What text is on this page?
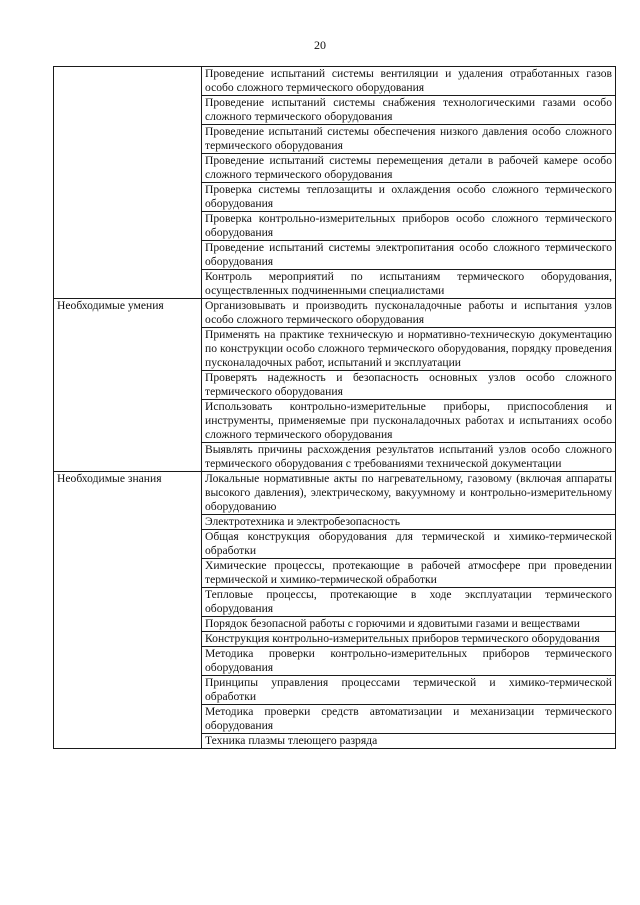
20
	Проведение испытаний системы вентиляции и удаления отработанных газов особо сложного термического оборудования
	Проведение испытаний системы снабжения технологическими газами особо сложного термического оборудования
	Проведение испытаний системы обеспечения низкого давления особо сложного термического оборудования
	Проведение испытаний системы перемещения детали в рабочей камере особо сложного термического оборудования
	Проверка системы теплозащиты и охлаждения особо сложного термического оборудования
	Проверка контрольно-измерительных приборов особо сложного термического оборудования
	Проведение испытаний системы электропитания особо сложного термического оборудования
	Контроль мероприятий по испытаниям термического оборудования, осуществленных подчиненными специалистами
Необходимые умения	Организовывать и производить пусконаладочные работы и испытания узлов особо сложного термического оборудования
	Применять на практике техническую и нормативно-техническую документацию по конструкции особо сложного термического оборудования, порядку проведения пусконаладочных работ, испытаний и эксплуатации
	Проверять надежность и безопасность основных узлов особо сложного термического оборудования
	Использовать контрольно-измерительные приборы, приспособления и инструменты, применяемые при пусконаладочных работах и испытаниях особо сложного термического оборудования
	Выявлять причины расхождения результатов испытаний узлов особо сложного термического оборудования с требованиями технической документации
Необходимые знания	Локальные нормативные акты по нагревательному, газовому (включая аппараты высокого давления), электрическому, вакуумному и контрольно-измерительному оборудованию
	Электротехника и электробезопасность
	Общая конструкция оборудования для термической и химико-термической обработки
	Химические процессы, протекающие в рабочей атмосфере при проведении термической и химико-термической обработки
	Тепловые процессы, протекающие в ходе эксплуатации термического оборудования
	Порядок безопасной работы с горючими и ядовитыми газами и веществами
	Конструкция контрольно-измерительных приборов термического оборудования
	Методика проверки контрольно-измерительных приборов термического оборудования
	Принципы управления процессами термической и химико-термической обработки
	Методика проверки средств автоматизации и механизации термического оборудования
	Техника плазмы тлеющего разряда
